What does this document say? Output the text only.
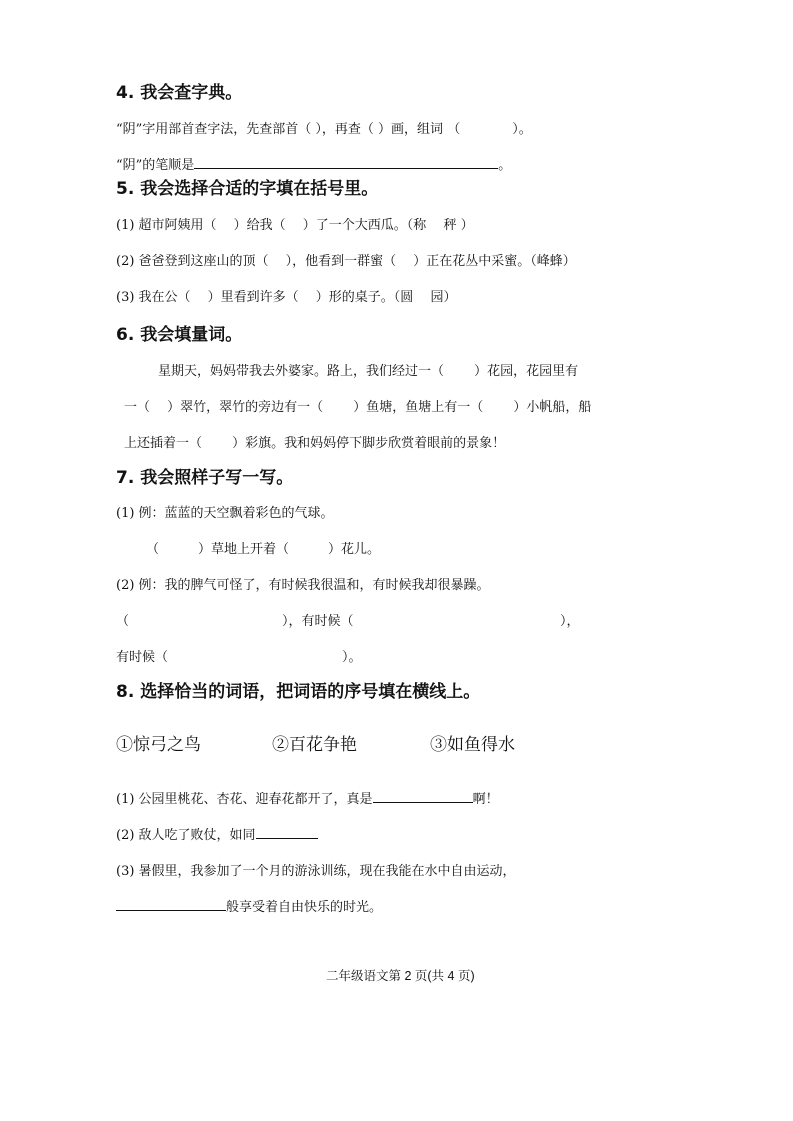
4. 我会查字典。
“阴”字用部首查字法，先查部首（ ），再查（ ）画，组词 （　　　　）。
“阴”的笔顺是	。
5. 我会选择合适的字填在括号里。
(1) 超市阿姨用（　 ）给我（　 ）了一个大西瓜。（称　 秤 ）
(2) 爸爸登到这座山的顶（　 ），他看到一群蜜（　 ）正在花丛中采蜜。（峰蜂）
(3) 我在公（　 ）里看到许多（　 ）形的桌子。（圆　 园）
6. 我会填量词。
星期天，妈妈带我去外婆家。路上，我们经过一（　　 ）花园，花园里有
一（　 ）翠竹，翠竹的旁边有一（　　 ）鱼塘，鱼塘上有一（　　 ）小帆船，船
上还插着一（　　 ）彩旗。我和妈妈停下脚步欣赏着眼前的景象！
7. 我会照样子写一写。
(1) 例：蓝蓝的天空飘着彩色的气球。
（　　　）草地上开着（　　　）花儿。
(2) 例：我的脾气可怪了，有时候我很温和，有时候我却很暴躁。
（	），有时候（	），
有时候（	）。
8. 选择恰当的词语，把词语的序号填在横线上。
①惊弓之鸟	②百花争艳	③如鱼得水
(1) 公园里桃花、杏花、迎春花都开了，真是	啊！
(2) 敌人吃了败仗，如同
(3) 暑假里，我参加了一个月的游泳训练，现在我能在水中自由运动，
般享受着自由快乐的时光。
二年级语文第 2 页(共 4 页)
